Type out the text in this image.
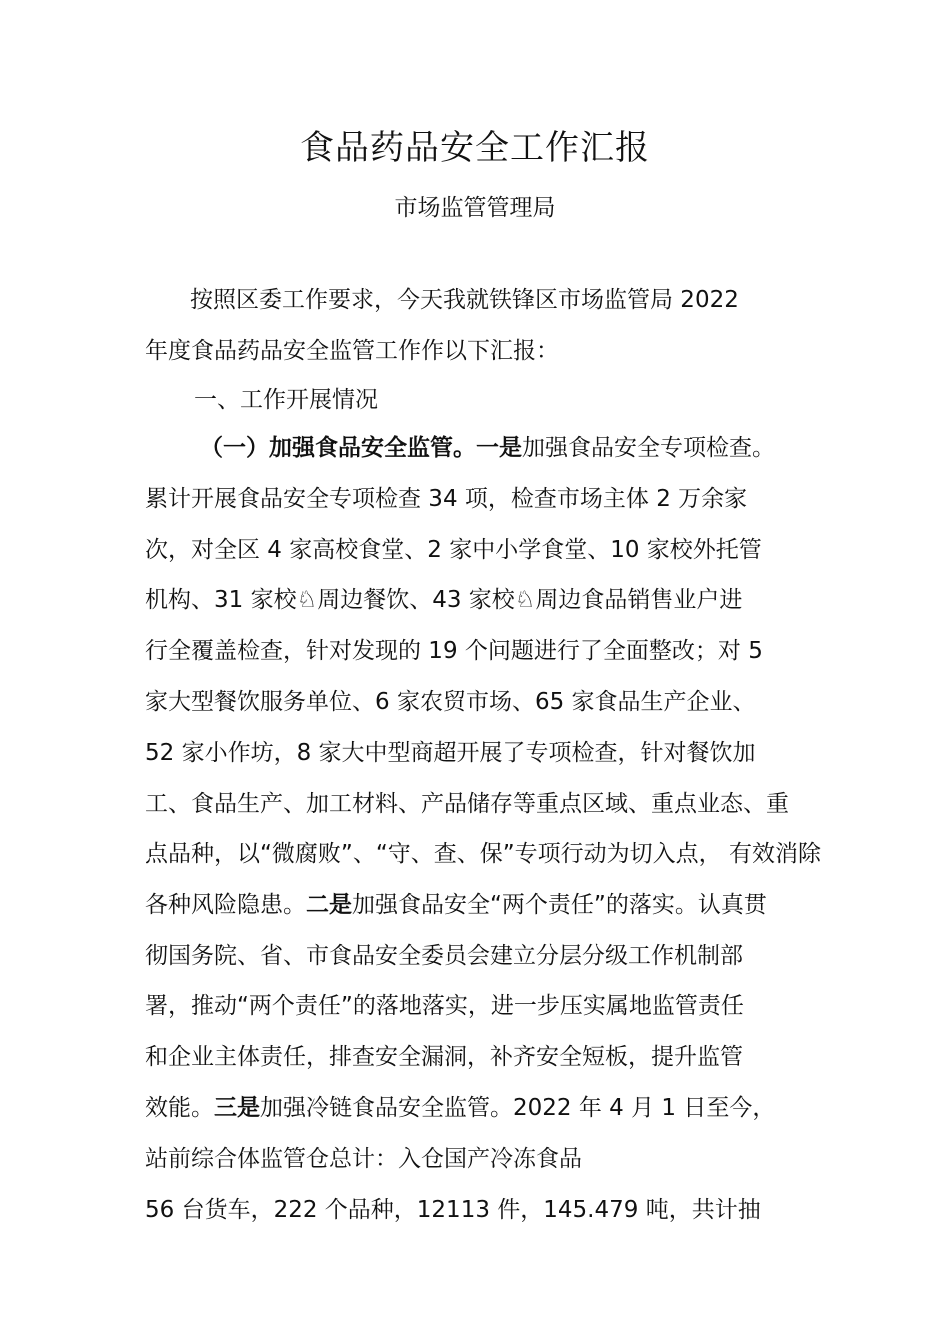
食品药品安全工作汇报
市场监管管理局
按照区委工作要求，今天我就铁锋区市场监管局 2022
年度食品药品安全监管工作作以下汇报：
一、工作开展情况
（一）加强食品安全监管。一是加强食品安全专项检查。
累计开展食品安全专项检查 34 项，检查市场主体 2 万余家
次，对全区 4 家高校食堂、2 家中小学食堂、10 家校外托管
机构、31 家校♘周边餐饮、43 家校♘周边食品销售业户进
行全覆盖检查，针对发现的 19 个问题进行了全面整改；对 5
家大型餐饮服务单位、6 家农贸市场、65 家食品生产企业、
52 家小作坊，8 家大中型商超开展了专项检查，针对餐饮加
工、食品生产、加工材料、产品储存等重点区域、重点业态、重
点品种，以“微腐败”、“守、查、保”专项行动为切入点， 有效消除
各种风险隐患。二是加强食品安全“两个责任”的落实。认真贯
彻国务院、省、市食品安全委员会建立分层分级工作机制部
署，推动“两个责任”的落地落实，进一步压实属地监管责任
和企业主体责任，排查安全漏洞，补齐安全短板，提升监管
效能。三是加强冷链食品安全监管。2022 年 4 月 1 日至今，
站前综合体监管仓总计：入仓国产冷冻食品
56 台货车，222 个品种，12113 件，145.479 吨，共计抽
